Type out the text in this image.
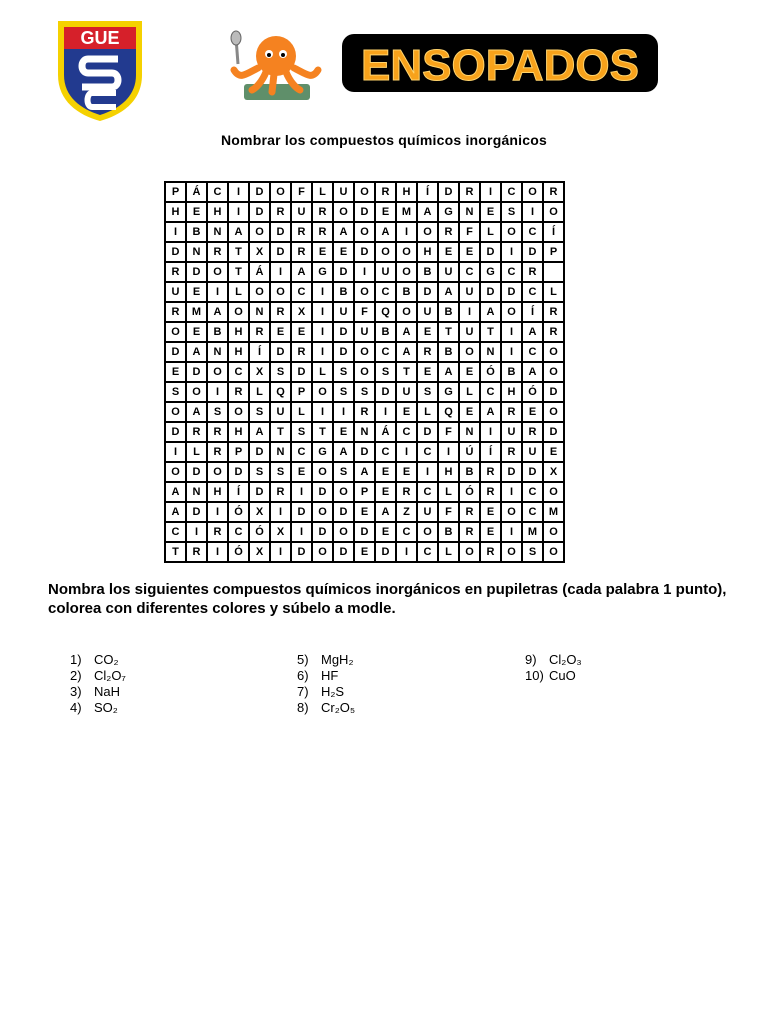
GUE
ENSOPADOS
Nombrar los compuestos químicos inorgánicos
P	Á	C	I	D	O	F	L	U	O	R	H	Í	D	R	I	C	O	R
H	E	H	I	D	R	U	R	O	D	E	M	A	G	N	E	S	I	O
I	B	N	A	O	D	R	R	A	O	A	I	O	R	F	L	O	C	Í
D	N	R	T	X	D	R	E	E	D	O	O	H	E	E	D	I	D	P
R	D	O	T	Á	I	A	G	D	I	U	O	B	U	C	G	C	R	
U	E	I	L	O	O	C	I	B	O	C	B	D	A	U	D	D	C	L
R	M	A	O	N	R	X	I	U	F	Q	O	U	B	I	A	O	Í	R
O	E	B	H	R	E	E	I	D	U	B	A	E	T	U	T	I	A	R
D	A	N	H	Í	D	R	I	D	O	C	A	R	B	O	N	I	C	O
E	D	O	C	X	S	D	L	S	O	S	T	E	A	E	Ó	B	A	O
S	O	I	R	L	Q	P	O	S	S	D	U	S	G	L	C	H	Ó	D
O	A	S	O	S	U	L	I	I	R	I	E	L	Q	E	A	R	E	O
D	R	R	H	A	T	S	T	E	N	Á	C	D	F	N	I	U	R	D
I	L	R	P	D	N	C	G	A	D	C	I	C	I	Ú	Í	R	U	E
O	D	O	D	S	S	E	O	S	A	E	E	I	H	B	R	D	D	X
A	N	H	Í	D	R	I	D	O	P	E	R	C	L	Ó	R	I	C	O
A	D	I	Ó	X	I	D	O	D	E	A	Z	U	F	R	E	O	C	M
C	I	R	C	Ó	X	I	D	O	D	E	C	O	B	R	E	I	M	O
T	R	I	Ó	X	I	D	O	D	E	D	I	C	L	O	R	O	S	O
Nombra los siguientes compuestos químicos inorgánicos en pupiletras (cada palabra 1 punto), colorea con diferentes colores y súbelo a modle.
1) CO₂
2) Cl₂O₇
3) NaH
4) SO₂
5) MgH₂
6) HF
7) H₂S
8) Cr₂O₅
9) Cl₂O₃
10) CuO
